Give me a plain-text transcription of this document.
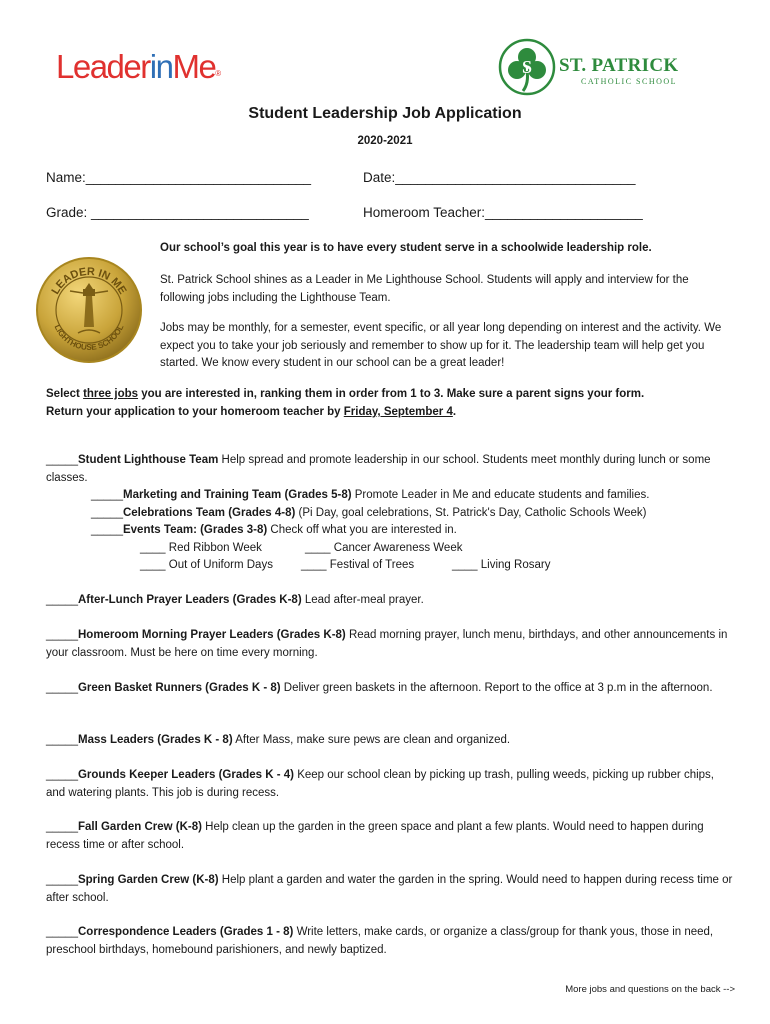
LeaderinMe®	S ST. PATRICK
CATHOLIC SCHOOL
Student Leadership Job Application
2020-2021
Name:______________________________	Date:________________________________
Grade: _____________________________	Homeroom Teacher:_____________________
LEADER IN ME
LIGHTHOUSE SCHOOL
Our school’s goal this year is to have every student serve in a schoolwide leadership role.
St. Patrick School shines as a Leader in Me Lighthouse School. Students will apply and interview for the following jobs including the Lighthouse Team.
Jobs may be monthly, for a semester, event specific, or all year long depending on interest and the activity. We expect you to take your job seriously and remember to show up for it. The leadership team will help get you started. We know every student in our school can be a great leader!
Select three jobs you are interested in, ranking them in order from 1 to 3. Make sure a parent signs your form.
Return your application to your homeroom teacher by Friday, September 4.
_____Student Lighthouse Team Help spread and promote leadership in our school. Students meet monthly during lunch or some classes.
_____Marketing and Training Team (Grades 5-8) Promote Leader in Me and educate students and families.
_____Celebrations Team (Grades 4-8) (Pi Day, goal celebrations, St. Patrick's Day, Catholic Schools Week)
_____Events Team: (Grades 3-8) Check off what you are interested in.
____ Red Ribbon Week	____ Cancer Awareness Week
____ Out of Uniform Days ____ Festival of Trees	____ Living Rosary
_____After-Lunch Prayer Leaders (Grades K-8) Lead after-meal prayer.
_____Homeroom Morning Prayer Leaders (Grades K-8) Read morning prayer, lunch menu, birthdays, and other announcements in your classroom. Must be here on time every morning.
_____Green Basket Runners (Grades K - 8) Deliver green baskets in the afternoon. Report to the office at 3 p.m in the afternoon.
_____Mass Leaders (Grades K - 8) After Mass, make sure pews are clean and organized.
_____Grounds Keeper Leaders (Grades K - 4) Keep our school clean by picking up trash, pulling weeds, picking up rubber chips, and watering plants. This job is during recess.
_____Fall Garden Crew (K-8) Help clean up the garden in the green space and plant a few plants. Would need to happen during recess time or after school.
_____Spring Garden Crew (K-8) Help plant a garden and water the garden in the spring. Would need to happen during recess time or after school.
_____Correspondence Leaders (Grades 1 - 8) Write letters, make cards, or organize a class/group for thank yous, those in need, preschool birthdays, homebound parishioners, and newly baptized.
More jobs and questions on the back -->
